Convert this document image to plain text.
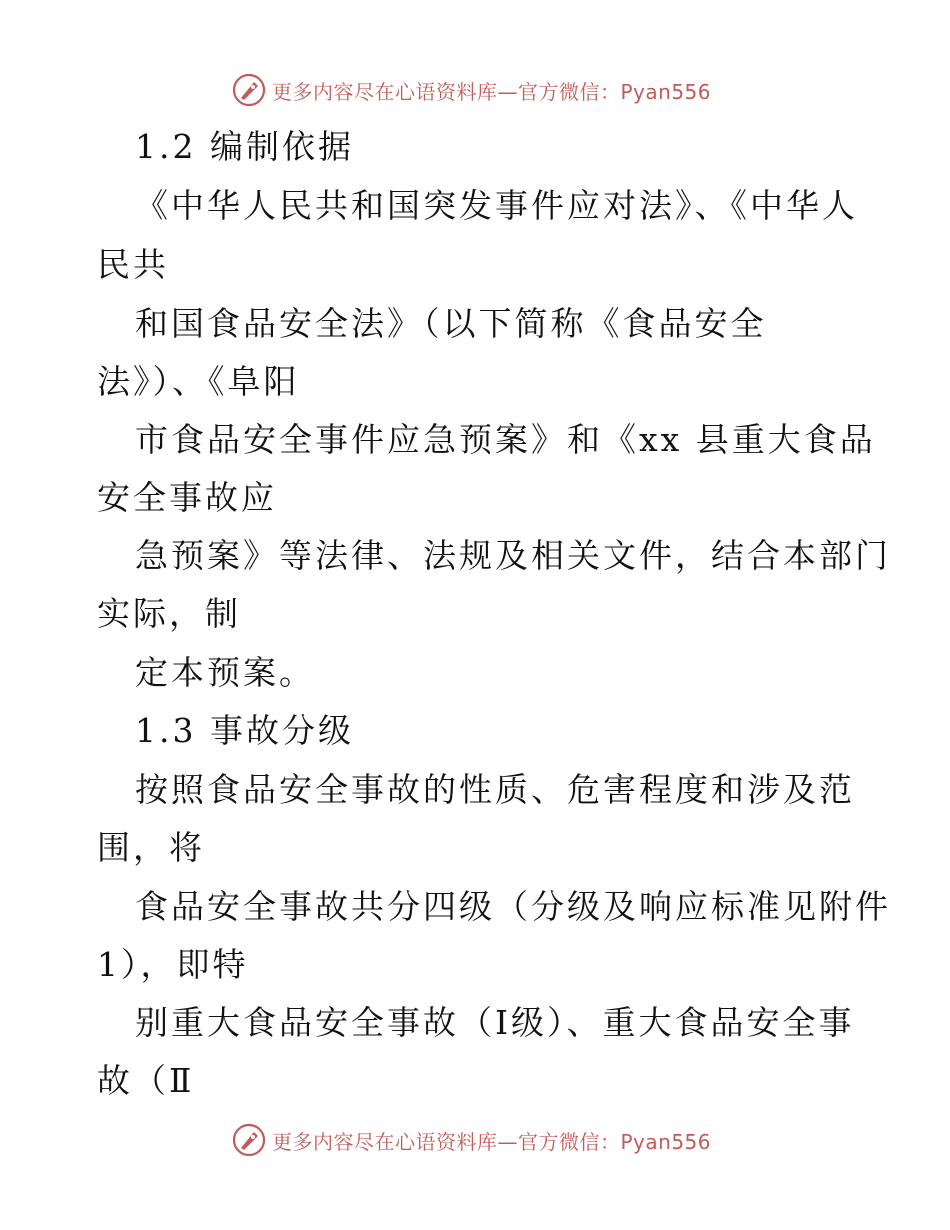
更多内容尽在心语资料库—官方微信：Pyan556
1.2 编制依据
《中华人民共和国突发事件应对法》、《中华人
民共
和国食品安全法》（以下简称《食品安全
法》）、《阜阳
市食品安全事件应急预案》和《xx 县重大食品
安全事故应
急预案》等法律、法规及相关文件，结合本部门
实际，制
定本预案。
1.3 事故分级
按照食品安全事故的性质、危害程度和涉及范
围，将
食品安全事故共分四级（分级及响应标准见附件
1），即特
别重大食品安全事故（Ⅰ级）、重大食品安全事
故（Ⅱ
更多内容尽在心语资料库—官方微信：Pyan556
